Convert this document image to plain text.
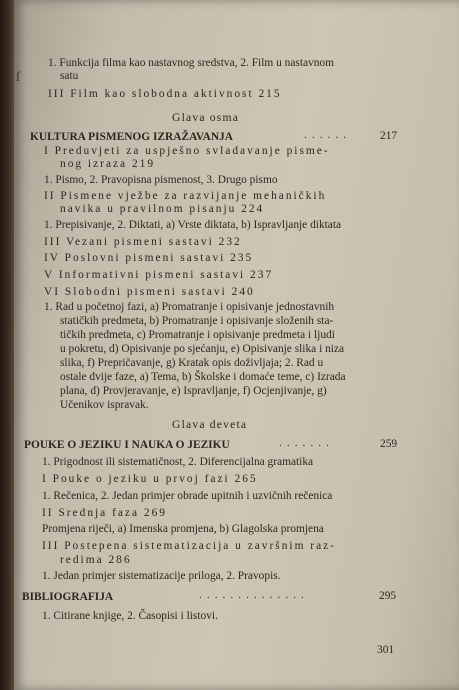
ſ
1. Funkcija filma kao nastavnog sredstva, 2. Film u nastavnom
satu
III Film kao slobodna aktivnost 215
Glava osma
KULTURA PISMENOG IZRAŽAVANJA	......	217
I Preduvjeti za uspješno svladavanje pisme-
nog izraza 219
1. Pismo, 2. Pravopisna pismenost, 3. Drugo pismo
II Pismene vježbe za razvijanje mehaničkih
navika u pravilnom pisanju 224
1. Prepisivanje, 2. Diktati, a) Vrste diktata, b) Ispravljanje diktata
III Vezani pismeni sastavi 232
IV Poslovni pismeni sastavi 235
V Informativni pismeni sastavi 237
VI Slobodni pismeni sastavi 240
1. Rad u početnoj fazi, a) Promatranje i opisivanje jednostavnih
statičkih predmeta, b) Promatranje i opisivanje složenih sta-
tičkih predmeta, c) Promatranje i opisivanje predmeta i ljudi
u pokretu, d) Opisivanje po sjećanju, e) Opisivanje slika i niza
slika, f) Prepričavanje, g) Kratak opis doživljaja; 2. Rad u
ostale dvije faze, a) Tema, b) Školske i domaće teme, c) Izrada
plana, d) Provjeravanje, e) Ispravljanje, f) Ocjenjivanje, g)
Učenikov ispravak.
Glava deveta
POUKE O JEZIKU I NAUKA O JEZIKU	.......	259
1. Prigodnost ili sistematičnost, 2. Diferencijalna gramatika
I Pouke o jeziku u prvoj fazi 265
1. Rečenica, 2. Jedan primjer obrade upitnih i uzvičnih rečenica
II Srednja faza 269
Promjena riječi, a) Imenska promjena, b) Glagolska promjena
III Postepena sistematizacija u završnim raz-
redima 286
1. Jedan primjer sistematizacije priloga, 2. Pravopis.
BIBLIOGRAFIJA	..............	295
1. Citirane knjige, 2. Časopisi i listovi.
301
